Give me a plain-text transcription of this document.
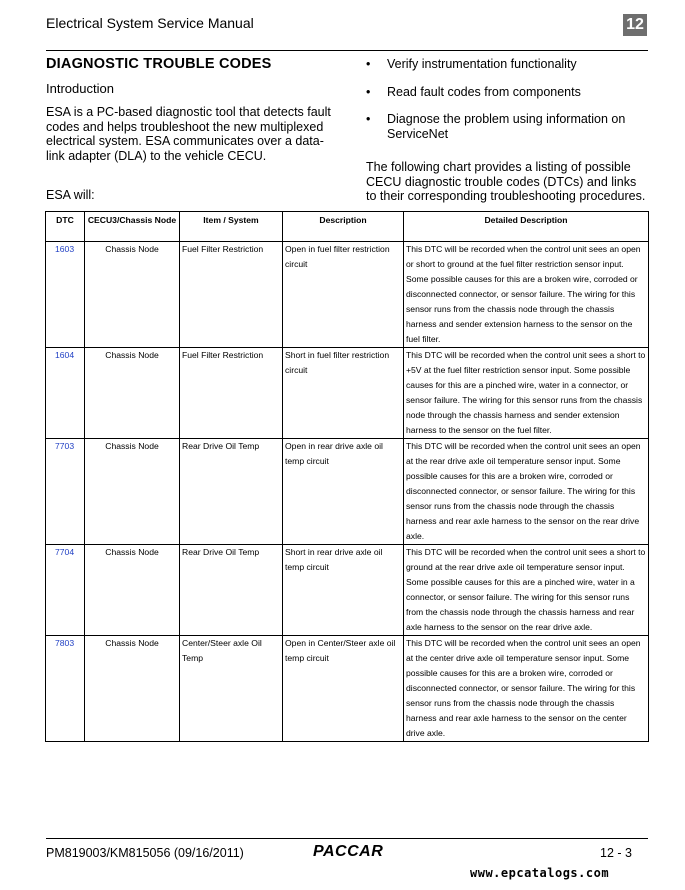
Electrical System Service Manual	12
DIAGNOSTIC TROUBLE CODES
Introduction
ESA is a PC-based diagnostic tool that detects fault codes and helps troubleshoot the new multiplexed electrical system. ESA communicates over a data-link adapter (DLA) to the vehicle CECU.
ESA will:
• Verify instrumentation functionality
• Read fault codes from components
• Diagnose the problem using information on ServiceNet
The following chart provides a listing of possible CECU diagnostic trouble codes (DTCs) and links to their corresponding troubleshooting procedures.
DTC	CECU3/Chassis Node	Item / System	Description	Detailed Description
1603	Chassis Node	Fuel Filter Restriction	Open in fuel filter restriction circuit	This DTC will be recorded when the control unit sees an open or short to ground at the fuel filter restriction sensor input. Some possible causes for this are a broken wire, corroded or disconnected connector, or sensor failure. The wiring for this sensor runs from the chassis node through the chassis harness and sender extension harness to the sensor on the fuel filter.
1604	Chassis Node	Fuel Filter Restriction	Short in fuel filter restriction circuit	This DTC will be recorded when the control unit sees a short to +5V at the fuel filter restriction sensor input. Some possible causes for this are a pinched wire, water in a connector, or sensor failure. The wiring for this sensor runs from the chassis node through the chassis harness and sender extension harness to the sensor on the fuel filter.
7703	Chassis Node	Rear Drive Oil Temp	Open in rear drive axle oil temp circuit	This DTC will be recorded when the control unit sees an open at the rear drive axle oil temperature sensor input. Some possible causes for this are a broken wire, corroded or disconnected connector, or sensor failure. The wiring for this sensor runs from the chassis node through the chassis harness and rear axle harness to the sensor on the rear drive axle.
7704	Chassis Node	Rear Drive Oil Temp	Short in rear drive axle oil temp circuit	This DTC will be recorded when the control unit sees a short to ground at the rear drive axle oil temperature sensor input. Some possible causes for this are a pinched wire, water in a connector, or sensor failure. The wiring for this sensor runs from the chassis node through the chassis harness and rear axle harness to the sensor on the rear drive axle.
7803	Chassis Node	Center/Steer axle Oil Temp	Open in Center/Steer axle oil temp circuit	This DTC will be recorded when the control unit sees an open at the center drive axle oil temperature sensor input. Some possible causes for this are a broken wire, corroded or disconnected connector, or sensor failure. The wiring for this sensor runs from the chassis node through the chassis harness and rear axle harness to the sensor on the center drive axle.
PM819003/KM815056 (09/16/2011)	PACCAR	12 - 3
www.epcatalogs.com
